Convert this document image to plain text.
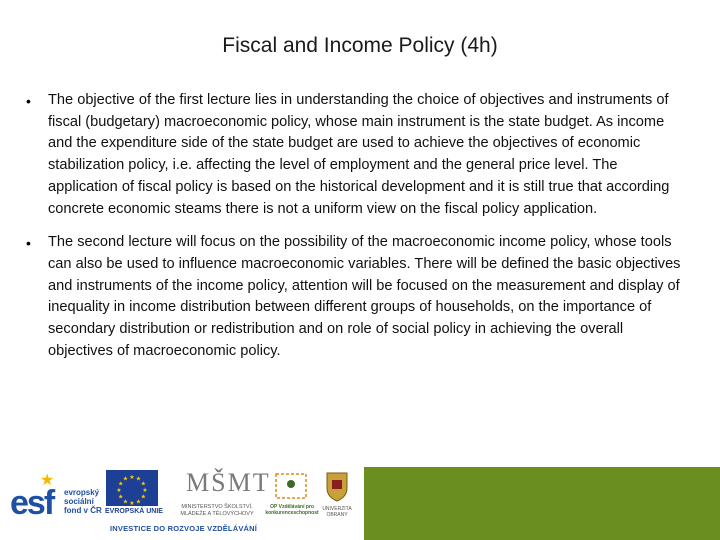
Fiscal and Income Policy (4h)
•	The objective of the first lecture lies in understanding the choice of objectives and instruments of fiscal (budgetary) macroeconomic policy, whose main instrument is the state budget. As income and the expenditure side of the state budget are used to achieve the objectives of economic stabilization policy, i.e. affecting the level of employment and the general price level. The application of fiscal policy is based on the historical development and it is still true that according concrete economic steams there is not a uniform view on the fiscal policy application.
•	The second lecture will focus on the possibility of the macroeconomic income policy, whose tools can also be used to influence macroeconomic variables. There will be defined the basic objectives and instruments of the income policy, attention will be focused on the measurement and display of inequality in income distribution between different groups of households, on the importance of secondary distribution or redistribution and on role of social policy in achieving the overall objectives of macroeconomic policy.
★
esf evropský sociální fond v ČR
★ ★
★
★
★
★
★
★
★
★
★
★
EVROPSKÁ UNIE
MŠMT
MINISTERSTVO ŠKOLSTVÍ, MLÁDEŽE A TĚLOVÝCHOVY
OP Vzdělávání pro konkurenceschopnost
UNIVERZITA OBRANY
INVESTICE DO ROZVOJE VZDĚLÁVÁNÍ
